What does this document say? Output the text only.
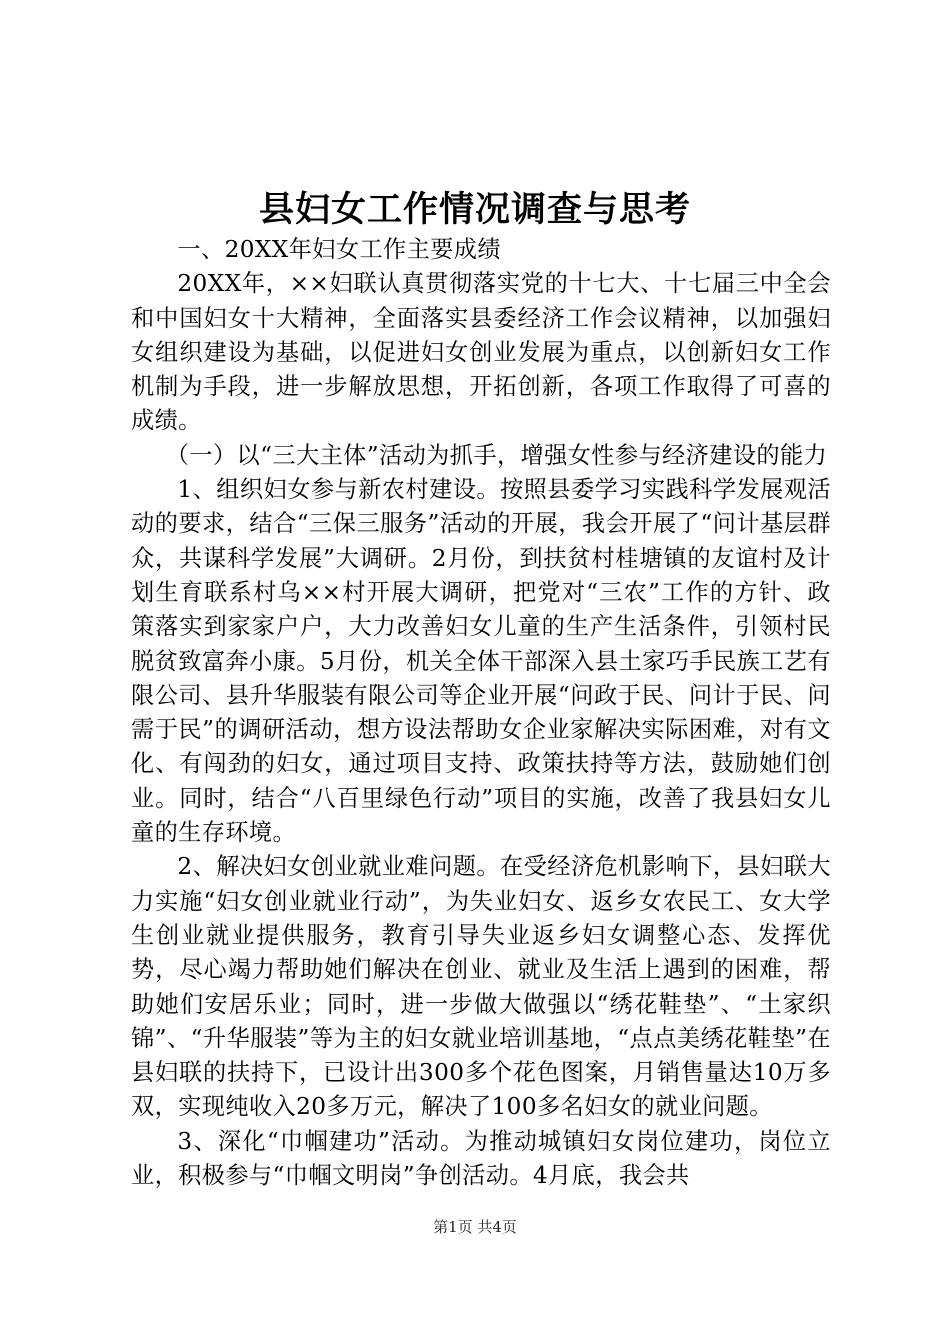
县妇女工作情况调查与思考

一、20XX年妇女工作主要成绩

20XX年，××妇联认真贯彻落实党的十七大、十七届三中全会和中国妇女十大精神，全面落实县委经济工作会议精神，以加强妇女组织建设为基础，以促进妇女创业发展为重点，以创新妇女工作机制为手段，进一步解放思想，开拓创新，各项工作取得了可喜的成绩。

（一）以“三大主体”活动为抓手，增强女性参与经济建设的能力

1、组织妇女参与新农村建设。按照县委学习实践科学发展观活动的要求，结合“三保三服务”活动的开展，我会开展了“问计基层群众，共谋科学发展”大调研。2月份，到扶贫村桂塘镇的友谊村及计划生育联系村乌××村开展大调研，把党对“三农”工作的方针、政策落实到家家户户，大力改善妇女儿童的生产生活条件，引领村民脱贫致富奔小康。5月份，机关全体干部深入县土家巧手民族工艺有限公司、县升华服装有限公司等企业开展“问政于民、问计于民、问需于民”的调研活动，想方设法帮助女企业家解决实际困难，对有文化、有闯劲的妇女，通过项目支持、政策扶持等方法，鼓励她们创业。同时，结合“八百里绿色行动”项目的实施，改善了我县妇女儿童的生存环境。

2、解决妇女创业就业难问题。在受经济危机影响下，县妇联大力实施“妇女创业就业行动”，为失业妇女、返乡女农民工、女大学生创业就业提供服务，教育引导失业返乡妇女调整心态、发挥优势，尽心竭力帮助她们解决在创业、就业及生活上遇到的困难，帮助她们安居乐业；同时，进一步做大做强以“绣花鞋垫”、“土家织锦”、“升华服装”等为主的妇女就业培训基地，“点点美绣花鞋垫”在县妇联的扶持下，已设计出300多个花色图案，月销售量达10万多双，实现纯收入20多万元，解决了100多名妇女的就业问题。

3、深化“巾帼建功”活动。为推动城镇妇女岗位建功，岗位立业，积极参与“巾帼文明岗”争创活动。4月底，我会共

第1页 共4页
